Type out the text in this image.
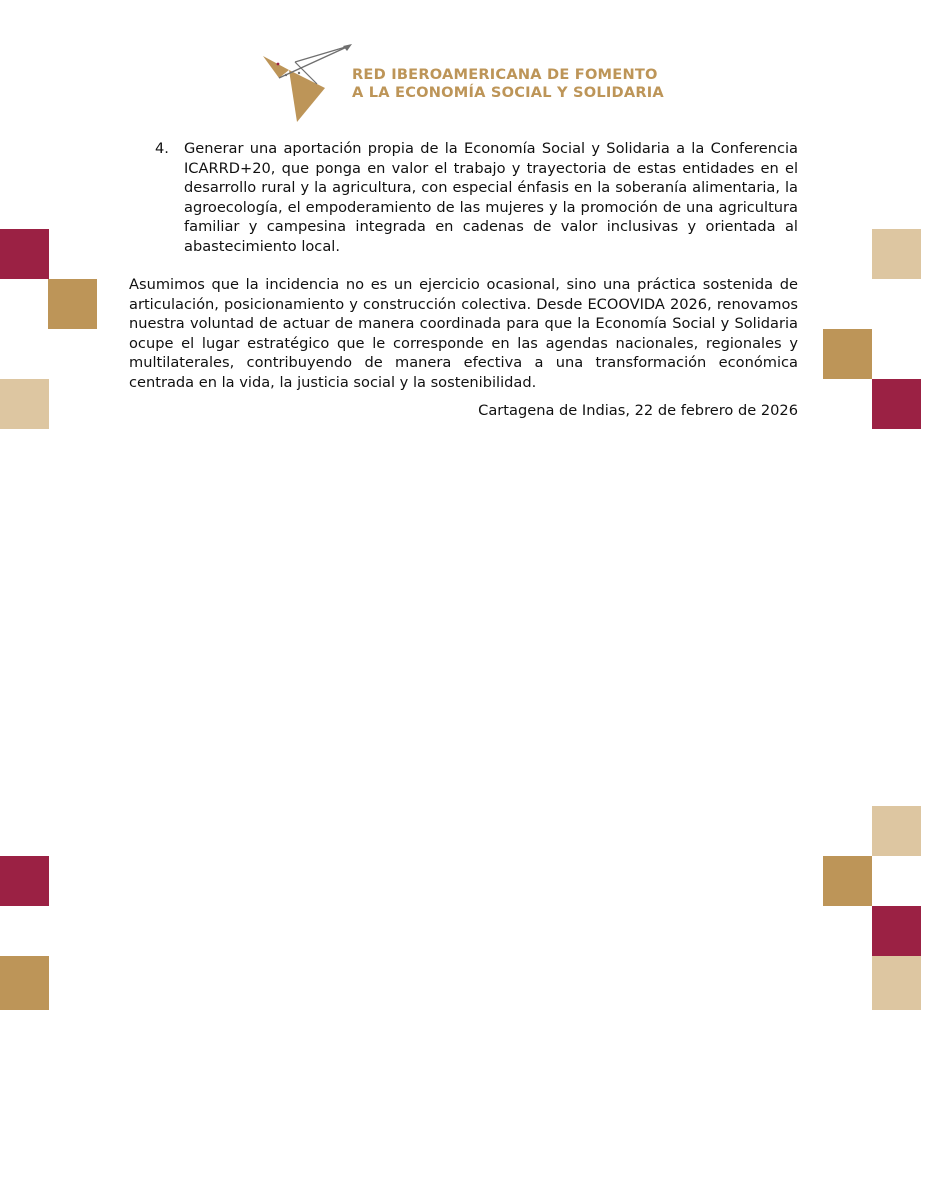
RED IBEROAMERICANA DE FOMENTO
A LA ECONOMÍA SOCIAL Y SOLIDARIA
4. Generar una aportación propia de la Economía Social y Solidaria a la Conferencia ICARRD+20, que ponga en valor el trabajo y trayectoria de estas entidades en el desarrollo rural y la agricultura, con especial énfasis en la soberanía alimentaria, la agroecología, el empoderamiento de las mujeres y la promoción de una agricultura familiar y campesina integrada en cadenas de valor inclusivas y orientada al abastecimiento local.
Asumimos que la incidencia no es un ejercicio ocasional, sino una práctica sostenida de articulación, posicionamiento y construcción colectiva. Desde ECOOVIDA 2026, renovamos nuestra voluntad de actuar de manera coordinada para que la Economía Social y Solidaria ocupe el lugar estratégico que le corresponde en las agendas nacionales, regionales y multilaterales, contribuyendo de manera efectiva a una transformación económica centrada en la vida, la justicia social y la sostenibilidad.
Cartagena de Indias, 22 de febrero de 2026
